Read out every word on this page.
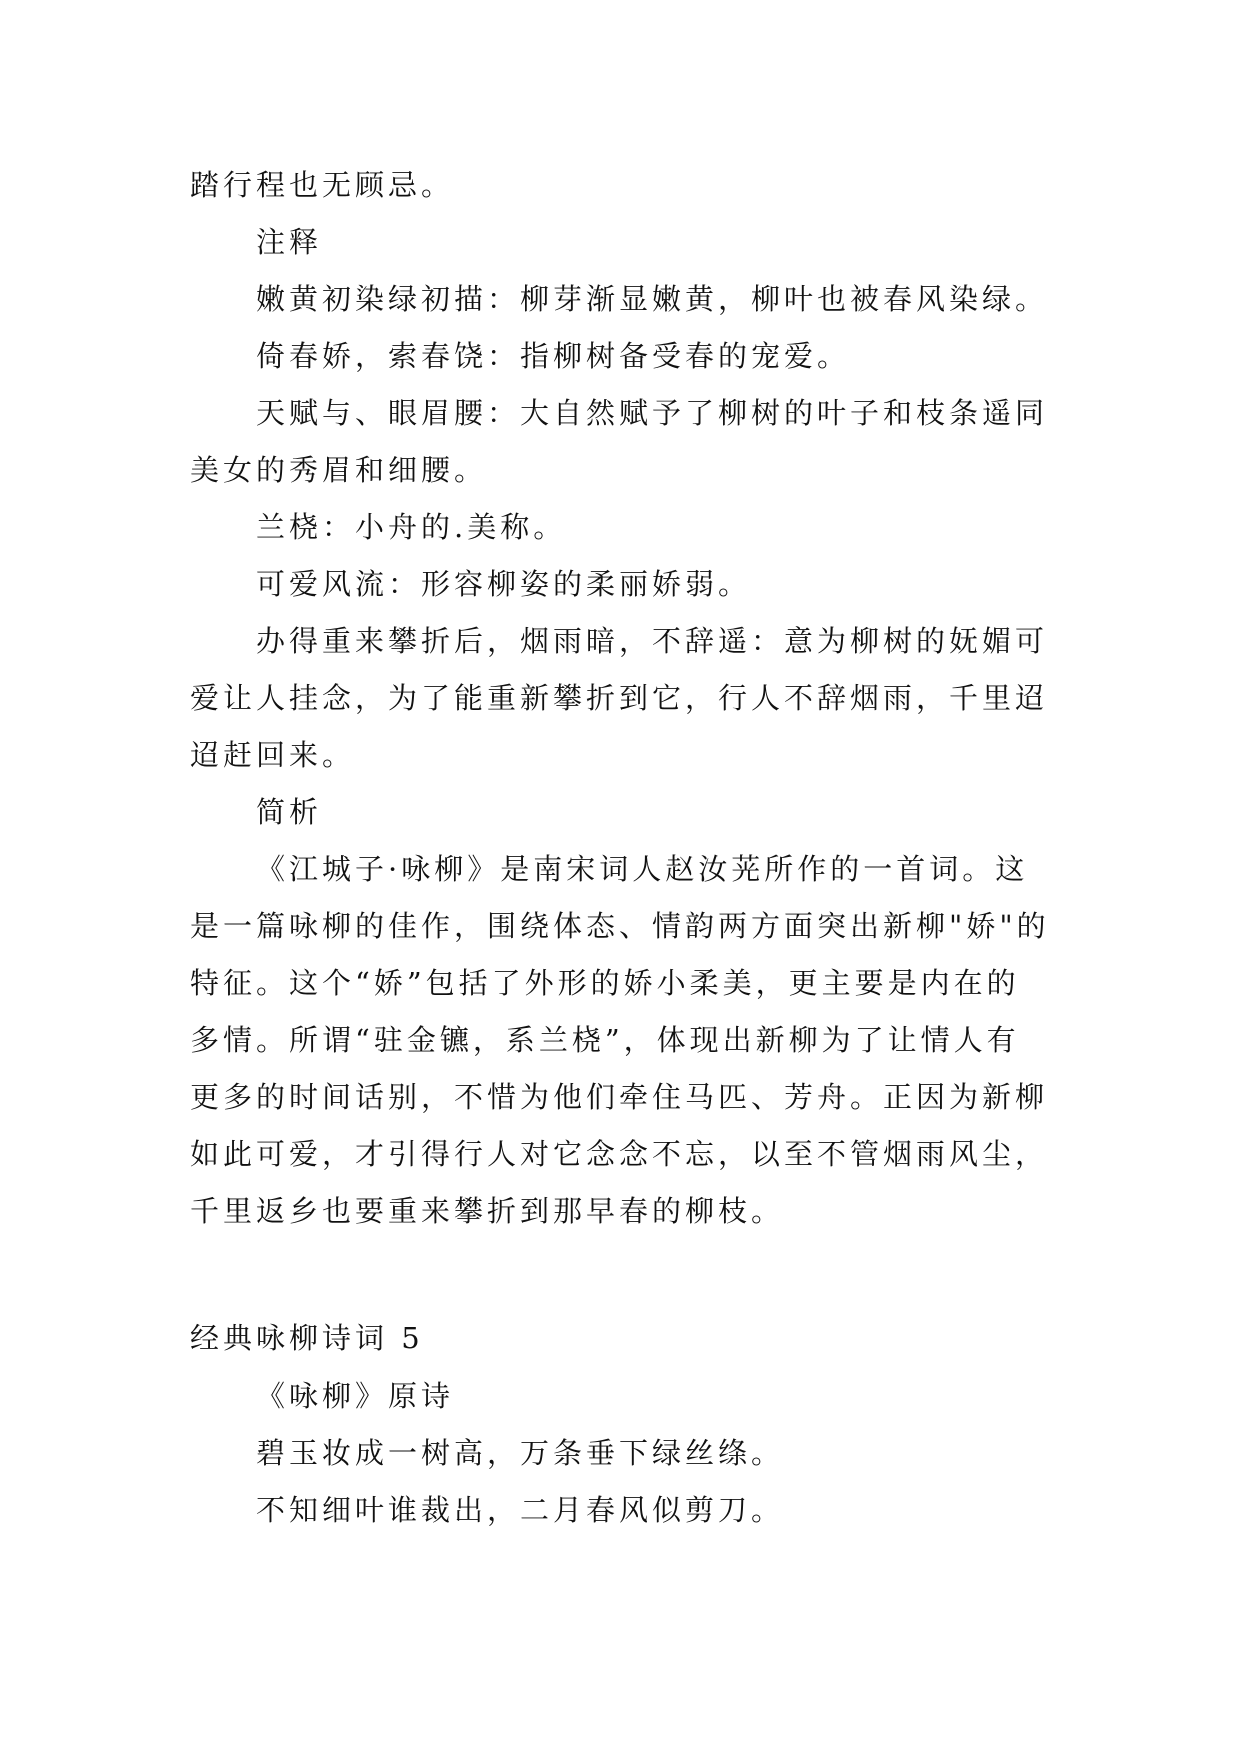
踏行程也无顾忌。
注释
嫩黄初染绿初描：柳芽渐显嫩黄，柳叶也被春风染绿。
倚春娇，索春饶：指柳树备受春的宠爱。
天赋与、眼眉腰：大自然赋予了柳树的叶子和枝条遥同
美女的秀眉和细腰。
兰桡：小舟的.美称。
可爱风流：形容柳姿的柔丽娇弱。
办得重来攀折后，烟雨暗，不辞遥：意为柳树的妩媚可
爱让人挂念，为了能重新攀折到它，行人不辞烟雨，千里迢
迢赶回来。
简析
《江城子·咏柳》是南宋词人赵汝茪所作的一首词。这
是一篇咏柳的佳作，围绕体态、情韵两方面突出新柳"娇"的
特征。这个“娇”包括了外形的娇小柔美，更主要是内在的
多情。所谓“驻金镳，系兰桡”，体现出新柳为了让情人有
更多的时间话别，不惜为他们牵住马匹、芳舟。正因为新柳
如此可爱，才引得行人对它念念不忘，以至不管烟雨风尘，
千里返乡也要重来攀折到那早春的柳枝。
经典咏柳诗词 5
《咏柳》原诗
碧玉妆成一树高，万条垂下绿丝绦。
不知细叶谁裁出，二月春风似剪刀。
